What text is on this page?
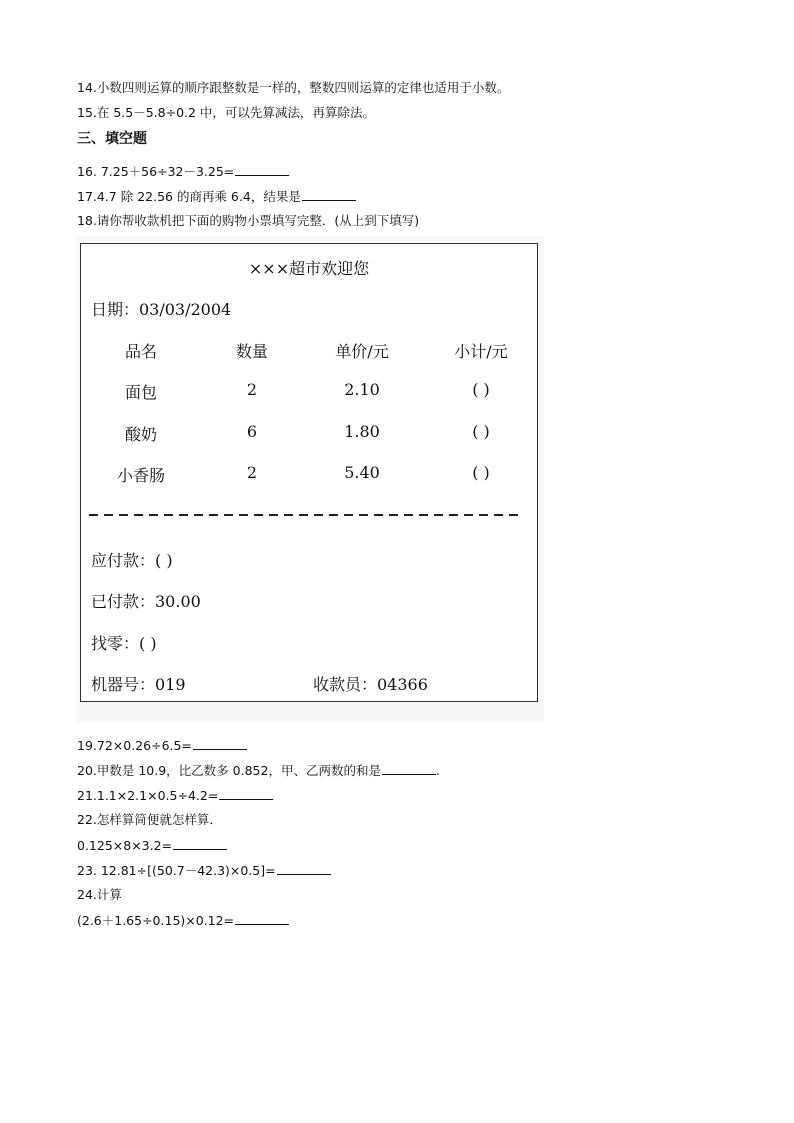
14.小数四则运算的顺序跟整数是一样的，整数四则运算的定律也适用于小数。
15.在 5.5－5.8÷0.2 中，可以先算减法，再算除法。
三、填空题
16. 7.25＋56÷32－3.25=
17.4.7 除 22.56 的商再乘 6.4，结果是
18.请你帮收款机把下面的购物小票填写完整．(从上到下填写)
×××超市欢迎您
日期：03/03/2004
品名	数量	单价/元	小计/元
面包	2	2.10	( )
酸奶	6	1.80	( )
小香肠	2	5.40	( )
应付款：( )
已付款：30.00
找零：( )
机器号：019	收款员：04366
19.72×0.26÷6.5=
20.甲数是 10.9，比乙数多 0.852，甲、乙两数的和是	.
21.1.1×2.1×0.5÷4.2=
22.怎样算简便就怎样算．
0.125×8×3.2=
23. 12.81÷[(50.7－42.3)×0.5]=
24.计算
(2.6＋1.65÷0.15)×0.12=
